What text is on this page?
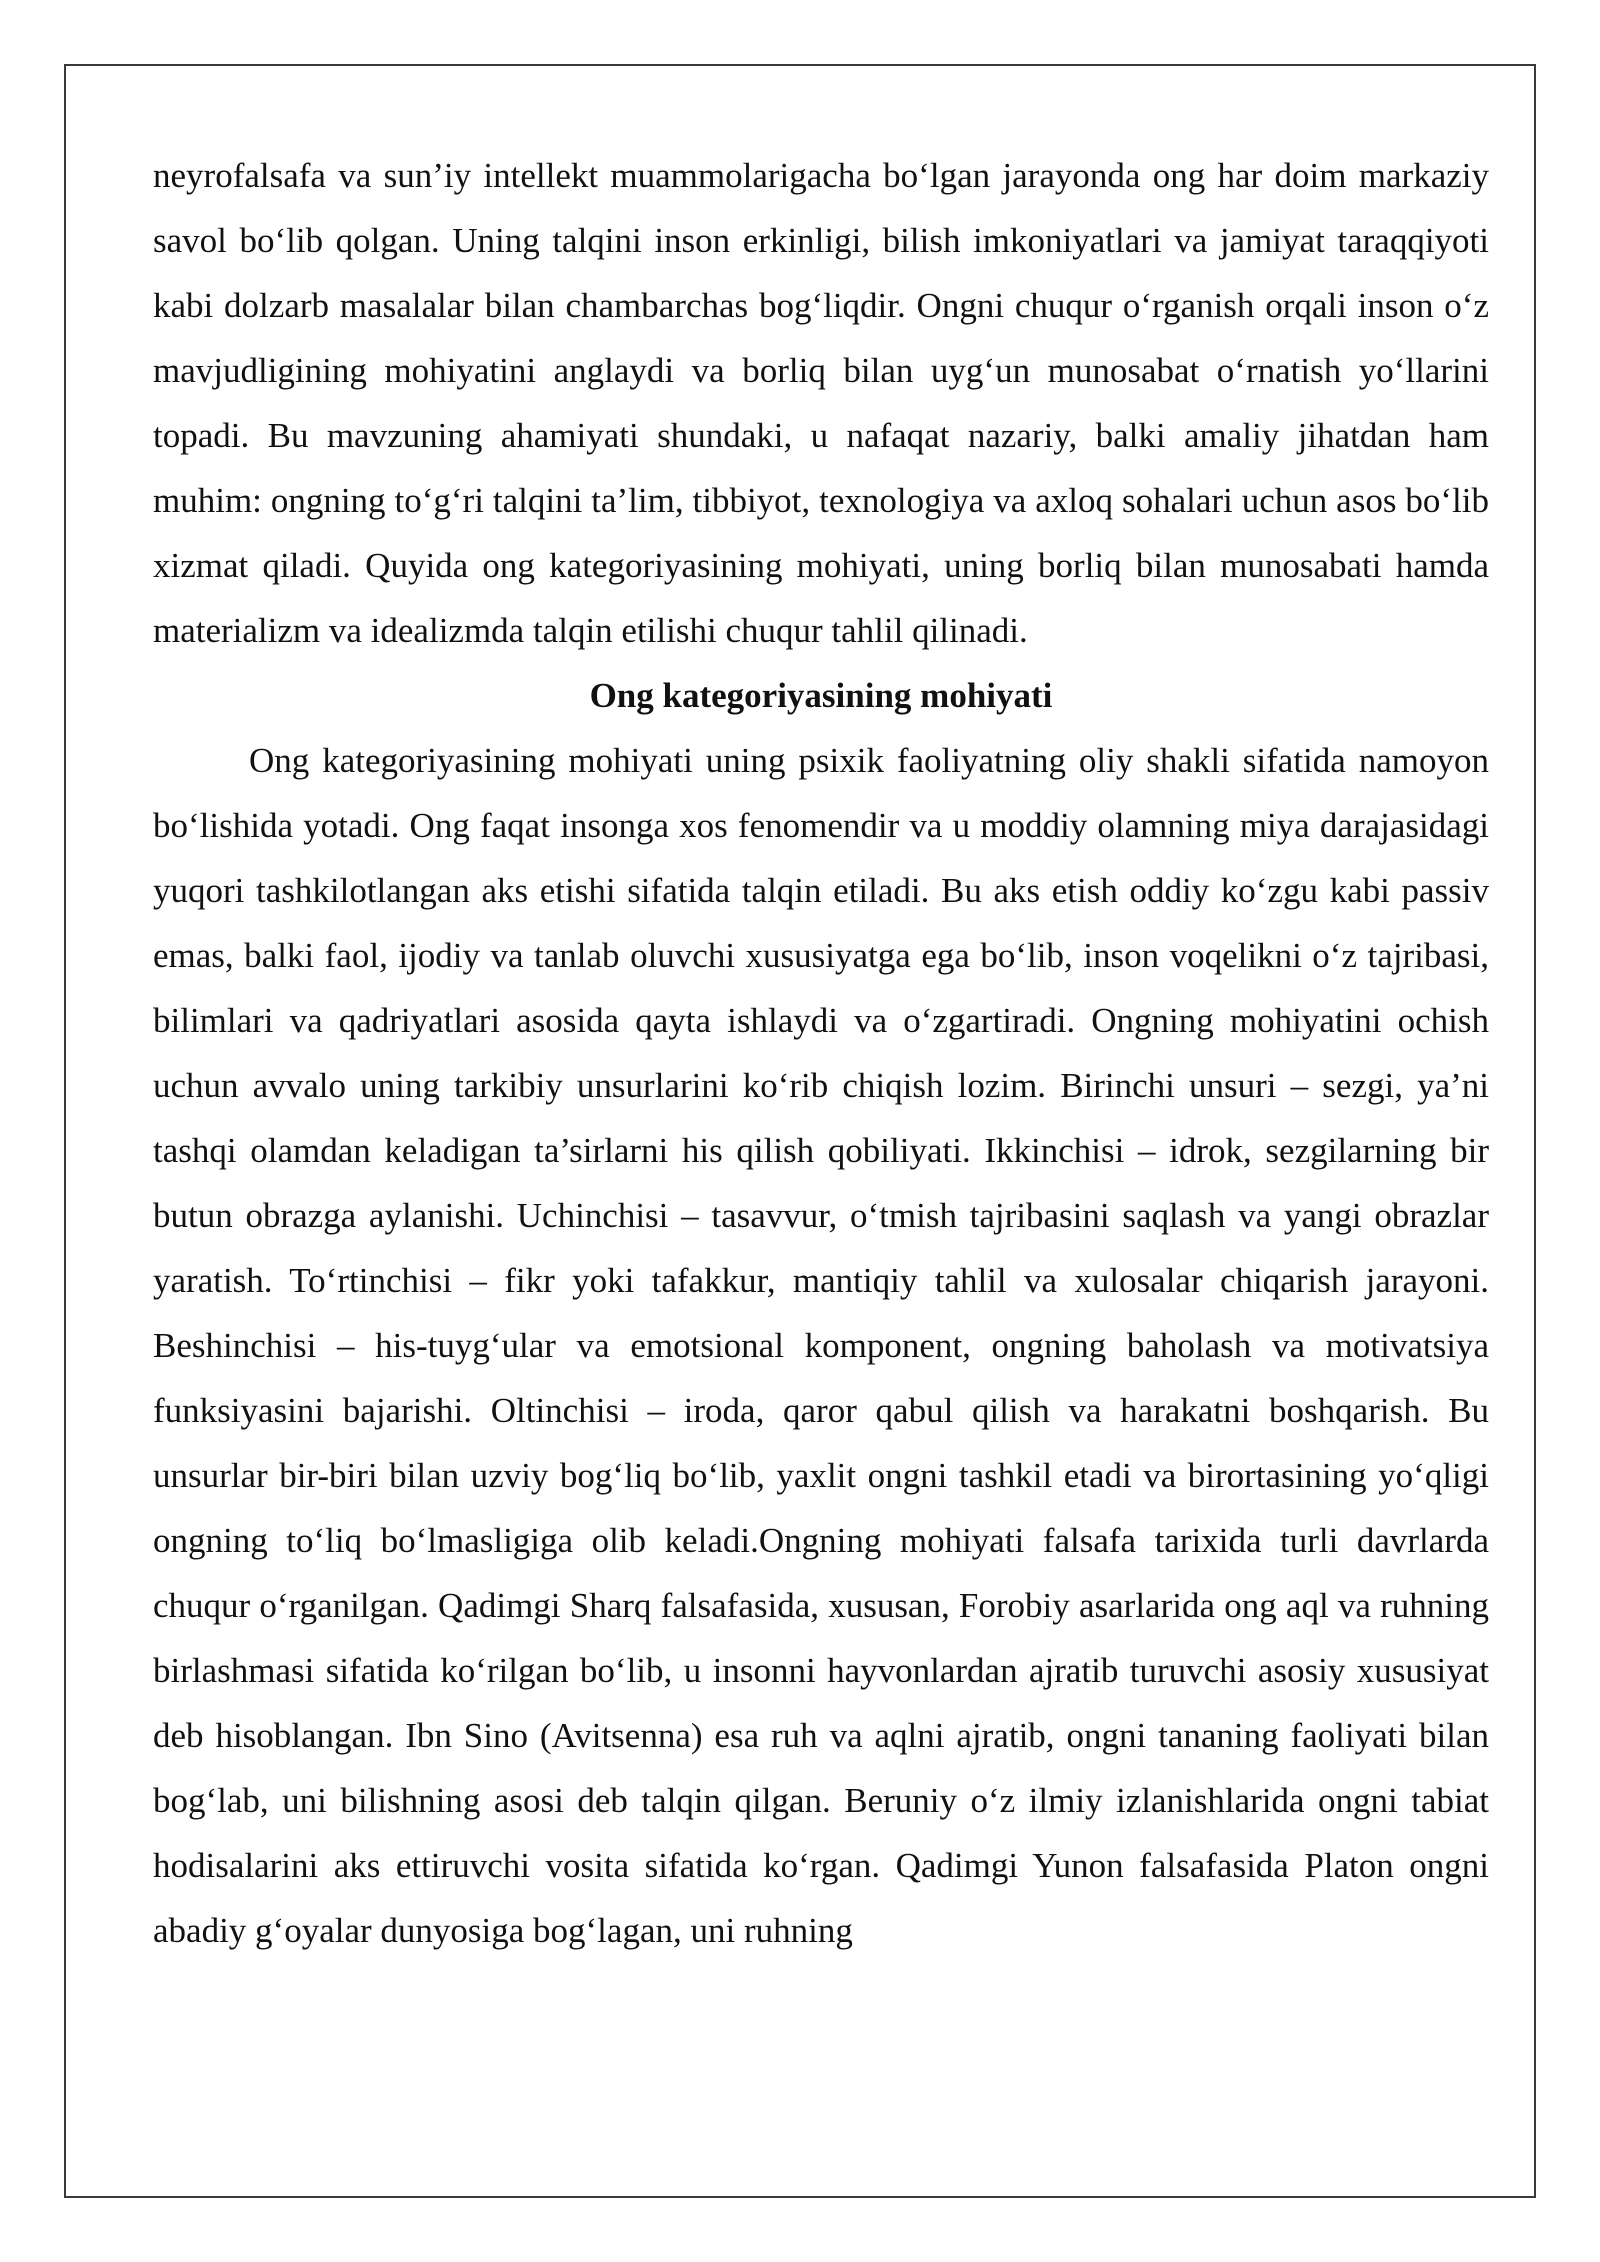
neyrofalsafa va sun’iy intellekt muammolarigacha bo‘lgan jarayonda ong har doim markaziy savol bo‘lib qolgan. Uning talqini inson erkinligi, bilish imkoniyatlari va jamiyat taraqqiyoti kabi dolzarb masalalar bilan chambarchas bog‘liqdir. Ongni chuqur o‘rganish orqali inson o‘z mavjudligining mohiyatini anglaydi va borliq bilan uyg‘un munosabat o‘rnatish yo‘llarini topadi. Bu mavzuning ahamiyati shundaki, u nafaqat nazariy, balki amaliy jihatdan ham muhim: ongning to‘g‘ri talqini ta’lim, tibbiyot, texnologiya va axloq sohalari uchun asos bo‘lib xizmat qiladi. Quyida ong kategoriyasining mohiyati, uning borliq bilan munosabati hamda materializm va idealizmda talqin etilishi chuqur tahlil qilinadi.

Ong kategoriyasining mohiyati

Ong kategoriyasining mohiyati uning psixik faoliyatning oliy shakli sifatida namoyon bo‘lishida yotadi. Ong faqat insonga xos fenomendir va u moddiy olamning miya darajasidagi yuqori tashkilotlangan aks etishi sifatida talqin etiladi. Bu aks etish oddiy ko‘zgu kabi passiv emas, balki faol, ijodiy va tanlab oluvchi xususiyatga ega bo‘lib, inson voqelikni o‘z tajribasi, bilimlari va qadriyatlari asosida qayta ishlaydi va o‘zgartiradi. Ongning mohiyatini ochish uchun avvalo uning tarkibiy unsurlarini ko‘rib chiqish lozim. Birinchi unsuri – sezgi, ya’ni tashqi olamdan keladigan ta’sirlarni his qilish qobiliyati. Ikkinchisi – idrok, sezgilarning bir butun obrazga aylanishi. Uchinchisi – tasavvur, o‘tmish tajribasini saqlash va yangi obrazlar yaratish. To‘rtinchisi – fikr yoki tafakkur, mantiqiy tahlil va xulosalar chiqarish jarayoni. Beshinchisi – his-tuyg‘ular va emotsional komponent, ongning baholash va motivatsiya funksiyasini bajarishi. Oltinchisi – iroda, qaror qabul qilish va harakatni boshqarish. Bu unsurlar bir-biri bilan uzviy bog‘liq bo‘lib, yaxlit ongni tashkil etadi va birortasining yo‘qligi ongning to‘liq bo‘lmasligiga olib keladi.Ongning mohiyati falsafa tarixida turli davrlarda chuqur o‘rganilgan. Qadimgi Sharq falsafasida, xususan, Forobiy asarlarida ong aql va ruhning birlashmasi sifatida ko‘rilgan bo‘lib, u insonni hayvonlardan ajratib turuvchi asosiy xususiyat deb hisoblangan. Ibn Sino (Avitsenna) esa ruh va aqlni ajratib, ongni tananing faoliyati bilan bog‘lab, uni bilishning asosi deb talqin qilgan. Beruniy o‘z ilmiy izlanishlarida ongni tabiat hodisalarini aks ettiruvchi vosita sifatida ko‘rgan. Qadimgi Yunon falsafasida Platon ongni abadiy g‘oyalar dunyosiga bog‘lagan, uni ruhning
